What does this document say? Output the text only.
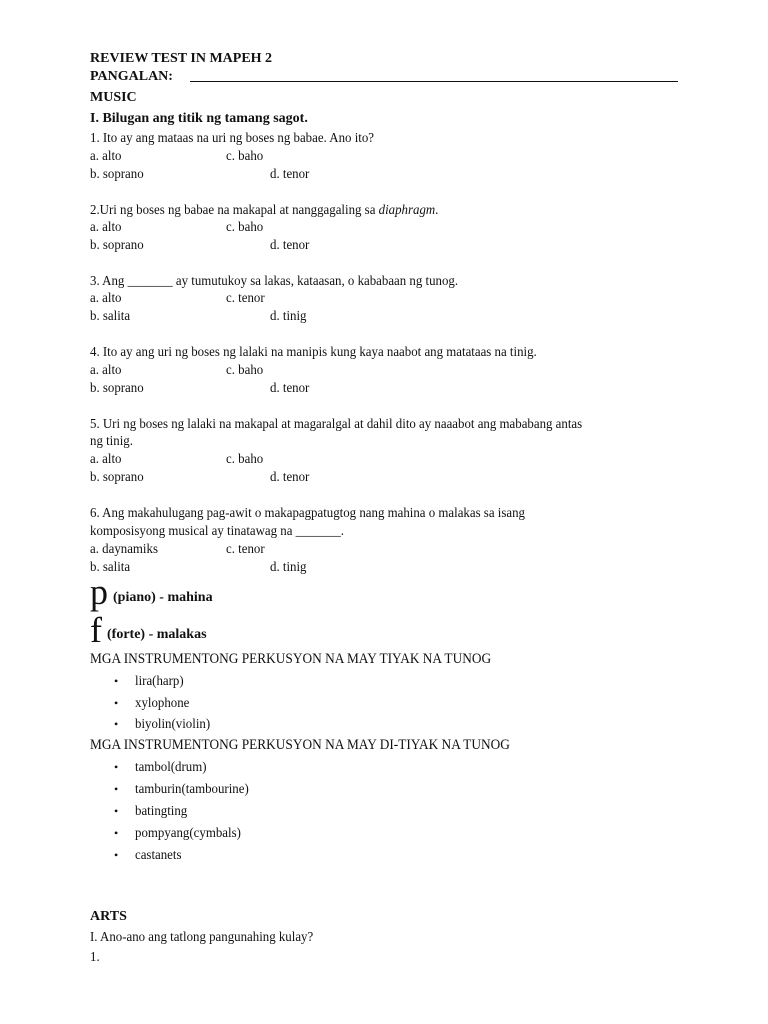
REVIEW TEST IN MAPEH 2
PANGALAN:
MUSIC
I. Bilugan ang titik ng tamang sagot.
1. Ito ay ang mataas na uri ng boses ng babae. Ano ito?
a. alto	c. baho
b. soprano	d. tenor
2.Uri ng boses ng babae na makapal at nanggagaling sa diaphragm.
a. alto	c. baho
b. soprano	d. tenor
3. Ang _______ ay tumutukoy sa lakas, kataasan, o kababaan ng tunog.
a. alto	c. tenor
b. salita	d. tinig
4. Ito ay ang uri ng boses ng lalaki na manipis kung kaya naabot ang matataas na tinig.
a. alto	c. baho
b. soprano	d. tenor
5. Uri ng boses ng lalaki na makapal at magaralgal at dahil dito ay naaabot ang mababang antas
ng tinig.
a. alto	c. baho
b. soprano	d. tenor
6. Ang makahulugang pag-awit o makapagpatugtog nang mahina o malakas sa isang
komposisyong musical ay tinatawag na _______.
a. daynamiks	c. tenor
b. salita	d. tinig
p (piano) - mahina
f (forte) - malakas
MGA INSTRUMENTONG PERKUSYON NA MAY TIYAK NA TUNOG
• lira(harp)
• xylophone
• biyolin(violin)
MGA INSTRUMENTONG PERKUSYON NA MAY DI-TIYAK NA TUNOG
• tambol(drum)
• tamburin(tambourine)
• batingting
• pompyang(cymbals)
• castanets
ARTS
I. Ano-ano ang tatlong pangunahing kulay?
1.
